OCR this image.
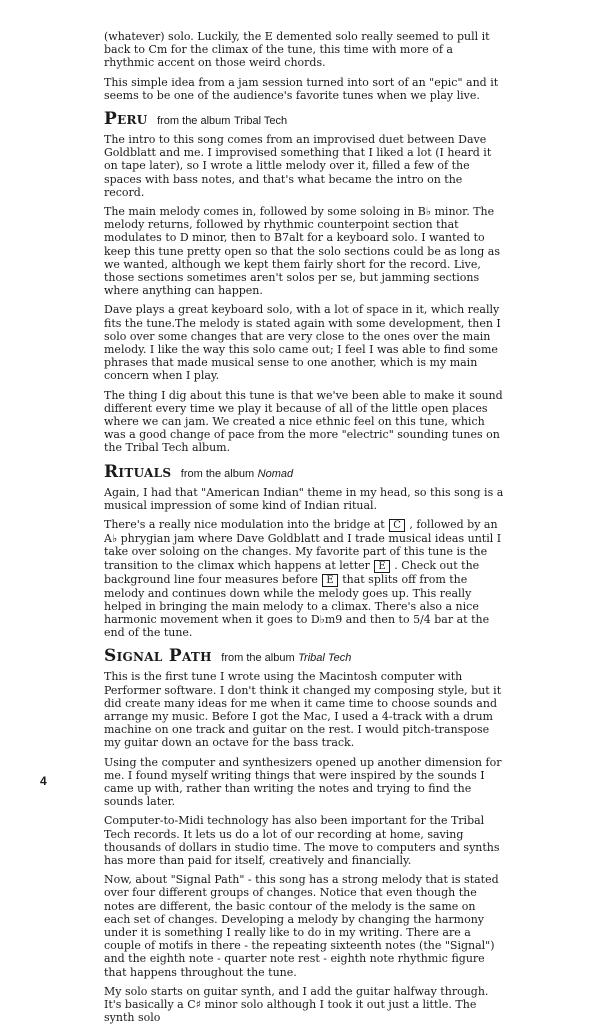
(whatever) solo. Luckily, the E demented solo really seemed to pull it back to Cm for the climax of the tune, this time with more of a rhythmic accent on those weird chords.

This simple idea from a jam session turned into sort of an "epic" and it seems to be one of the audience's favorite tunes when we play live.

Peru from the album Tribal Tech

The intro to this song comes from an improvised duet between Dave Goldblatt and me. I improvised something that I liked a lot (I heard it on tape later), so I wrote a little melody over it, filled a few of the spaces with bass notes, and that's what became the intro on the record.

The main melody comes in, followed by some soloing in B♭ minor. The melody returns, followed by rhythmic counterpoint section that modulates to D minor, then to B7alt for a keyboard solo. I wanted to keep this tune pretty open so that the solo sections could be as long as we wanted, although we kept them fairly short for the record. Live, those sections sometimes aren't solos per se, but jamming sections where anything can happen.

Dave plays a great keyboard solo, with a lot of space in it, which really fits the tune.The melody is stated again with some development, then I solo over some changes that are very close to the ones over the main melody. I like the way this solo came out; I feel I was able to find some phrases that made musical sense to one another, which is my main concern when I play.

The thing I dig about this tune is that we've been able to make it sound different every time we play it because of all of the little open places where we can jam. We created a nice ethnic feel on this tune, which was a good change of pace from the more "electric" sounding tunes on the Tribal Tech album.

Rituals from the album Nomad

Again, I had that "American Indian" theme in my head, so this song is a musical impression of some kind of Indian ritual.

There's a really nice modulation into the bridge at C , followed by an A♭ phrygian jam where Dave Goldblatt and I trade musical ideas until I take over soloing on the changes. My favorite part of this tune is the transition to the climax which happens at letter E . Check out the background line four measures before E that splits off from the melody and continues down while the melody goes up. This really helped in bringing the main melody to a climax. There's also a nice harmonic movement when it goes to D♭m9 and then to 5/4 bar at the end of the tune.

Signal Path from the album Tribal Tech

This is the first tune I wrote using the Macintosh computer with Performer software. I don't think it changed my composing style, but it did create many ideas for me when it came time to choose sounds and arrange my music. Before I got the Mac, I used a 4-track with a drum machine on one track and guitar on the rest. I would pitch-transpose my guitar down an octave for the bass track.

Using the computer and synthesizers opened up another dimension for me. I found myself writing things that were inspired by the sounds I came up with, rather than writing the notes and trying to find the sounds later.

Computer-to-Midi technology has also been important for the Tribal Tech records. It lets us do a lot of our recording at home, saving thousands of dollars in studio time. The move to computers and synths has more than paid for itself, creatively and financially.

Now, about "Signal Path" - this song has a strong melody that is stated over four different groups of changes. Notice that even though the notes are different, the basic contour of the melody is the same on each set of changes. Developing a melody by changing the harmony under it is something I really like to do in my writing. There are a couple of motifs in there - the repeating sixteenth notes (the "Signal") and the eighth note - quarter note rest - eighth note rhythmic figure that happens throughout the tune.

My solo starts on guitar synth, and I add the guitar halfway through. It's basically a C♯ minor solo although I took it out just a little. The synth solo

4
